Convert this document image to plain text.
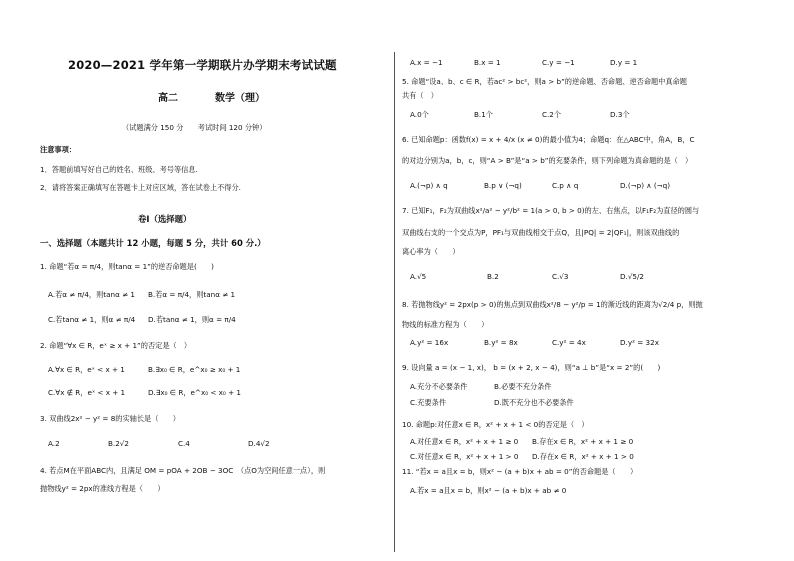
2020—2021 学年第一学期联片办学期末考试试题
高二	数学（理）
（试题满分 150 分　　考试时间 120 分钟）
注意事项：
1．答题前填写好自己的姓名、班级、考号等信息.
2．请将答案正确填写在答题卡上对应区域，答在试卷上不得分.
卷Ⅰ（选择题）
一、选择题（本题共计 12 小题，每题 5 分，共计 60 分.）
1. 命题“若α = π/4，则tanα = 1”的逆否命题是(　　)
A.若α ≠ π/4，则tanα ≠ 1 B.若α = π/4，则tanα ≠ 1
C.若tanα ≠ 1，则α ≠ π/4 D.若tanα ≠ 1，则α = π/4
2. 命题“∀x ∈ R，eˣ ≥ x + 1”的否定是（　）
A.∀x ∈ R，eˣ < x + 1	B.∃x₀ ∈ R，e^x₀ ≥ x₀ + 1
C.∀x ∉ R，eˣ < x + 1	D.∃x₀ ∈ R，e^x₀ < x₀ + 1
3. 双曲线2x² − y² = 8的实轴长是（　　）
A.2	B.2√2	C.4	D.4√2
4. 若点M在平面ABC内，且满足 OM = pOA + 2OB − 3OC　（点O为空间任意一点），则
抛物线y² = 2px的准线方程是（　　）
A.x = −1	B.x = 1	C.y = −1	D.y = 1
5. 命题“设a、b、c ∈ R，若ac² > bc²，则a > b”的逆命题、否命题、逆否命题中真命题
共有（　）
A.0个	B.1个	C.2个	D.3个
6. 已知命题p：函数f(x) = x + 4/x (x ≠ 0)的最小值为4；命题q：在△ABC中，角A，B，C
的对边分别为a，b，c，则“A > B”是“a > b”的充要条件，则下列命题为真命题的是（　）
A.(¬p) ∧ q	B.p ∨ (¬q)	C.p ∧ q	D.(¬p) ∧ (¬q)
7. 已知F₁，F₂为双曲线x²/a² − y²/b² = 1(a > 0, b > 0)的左、右焦点，以F₁F₂为直径的圆与
双曲线右支的一个交点为P，PF₁与双曲线相交于点Q，且|PQ| = 2|QF₁|，则该双曲线的
离心率为（　　）
A.√5	B.2	C.√3	D.√5/2
8. 若抛物线y² = 2px(p > 0)的焦点到双曲线x²/8 − y²/p = 1的渐近线的距离为√2/4 p，则抛
物线的标准方程为（　　）
A.y² = 16x	B.y² = 8x	C.y² = 4x	D.y² = 32x
9. 设向量 a = (x − 1, x)， b = (x + 2, x − 4)，则“a ⊥ b”是“x = 2”的(　　)
A.充分不必要条件	B.必要不充分条件
C.充要条件	D.既不充分也不必要条件
10. 命题p:对任意x ∈ R，x² + x + 1 < 0的否定是（　）
A.对任意x ∈ R，x² + x + 1 ≥ 0 B.存在x ∈ R，x² + x + 1 ≥ 0
C.对任意x ∈ R，x² + x + 1 > 0 D.存在x ∈ R，x² + x + 1 > 0
11. “若x = a且x = b，则x² − (a + b)x + ab = 0”的否命题是（　　）
A.若x = a且x = b，则x² − (a + b)x + ab ≠ 0
